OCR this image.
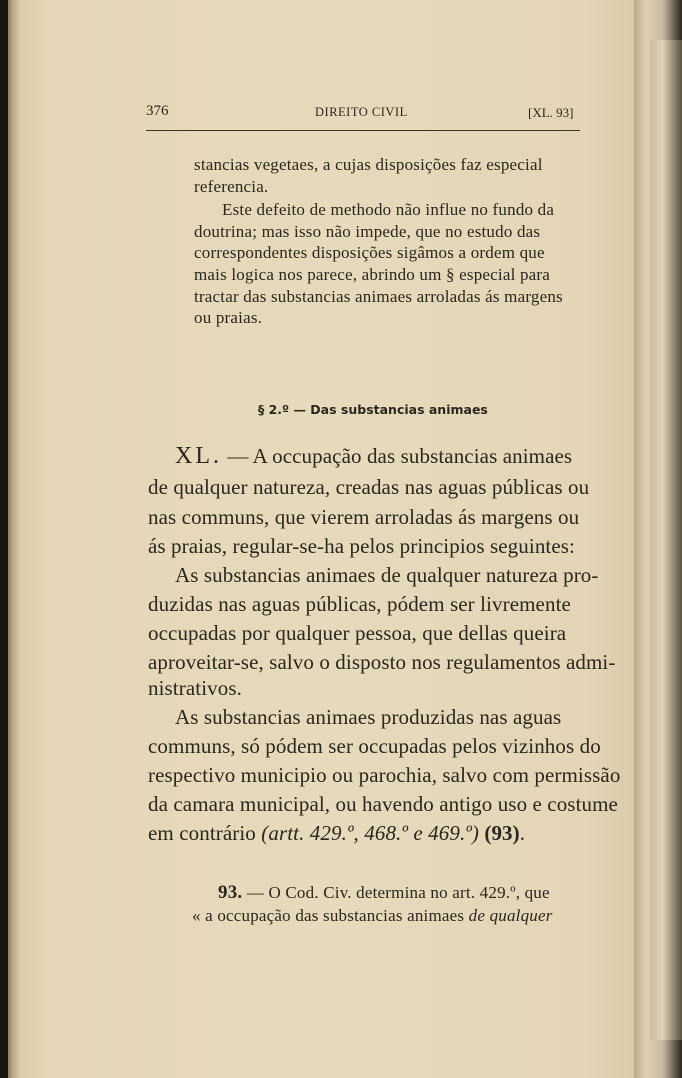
376	DIREITO CIVIL	[XL. 93]
stancias vegetaes, a cujas disposições faz especial
referencia.
Este defeito de methodo não influe no fundo da
doutrina; mas isso não impede, que no estudo das
correspondentes disposições sigâmos a ordem que
mais logica nos parece, abrindo um § especial para
tractar das substancias animaes arroladas ás margens
ou praias.
§ 2.º — Das substancias animaes
XL. — A occupação das substancias animaes
de qualquer natureza, creadas nas aguas públicas ou
nas communs, que vierem arroladas ás margens ou
ás praias, regular-se-ha pelos principios seguintes:
As substancias animaes de qualquer natureza pro-
duzidas nas aguas públicas, pódem ser livremente
occupadas por qualquer pessoa, que dellas queira
aproveitar-se, salvo o disposto nos regulamentos admi-
nistrativos.
As substancias animaes produzidas nas aguas
communs, só pódem ser occupadas pelos vizinhos do
respectivo municipio ou parochia, salvo com permissão
da camara municipal, ou havendo antigo uso e costume
em contrário (artt. 429.º, 468.º e 469.º) (93).
93. — O Cod. Civ. determina no art. 429.º, que
« a occupação das substancias animaes de qualquer
